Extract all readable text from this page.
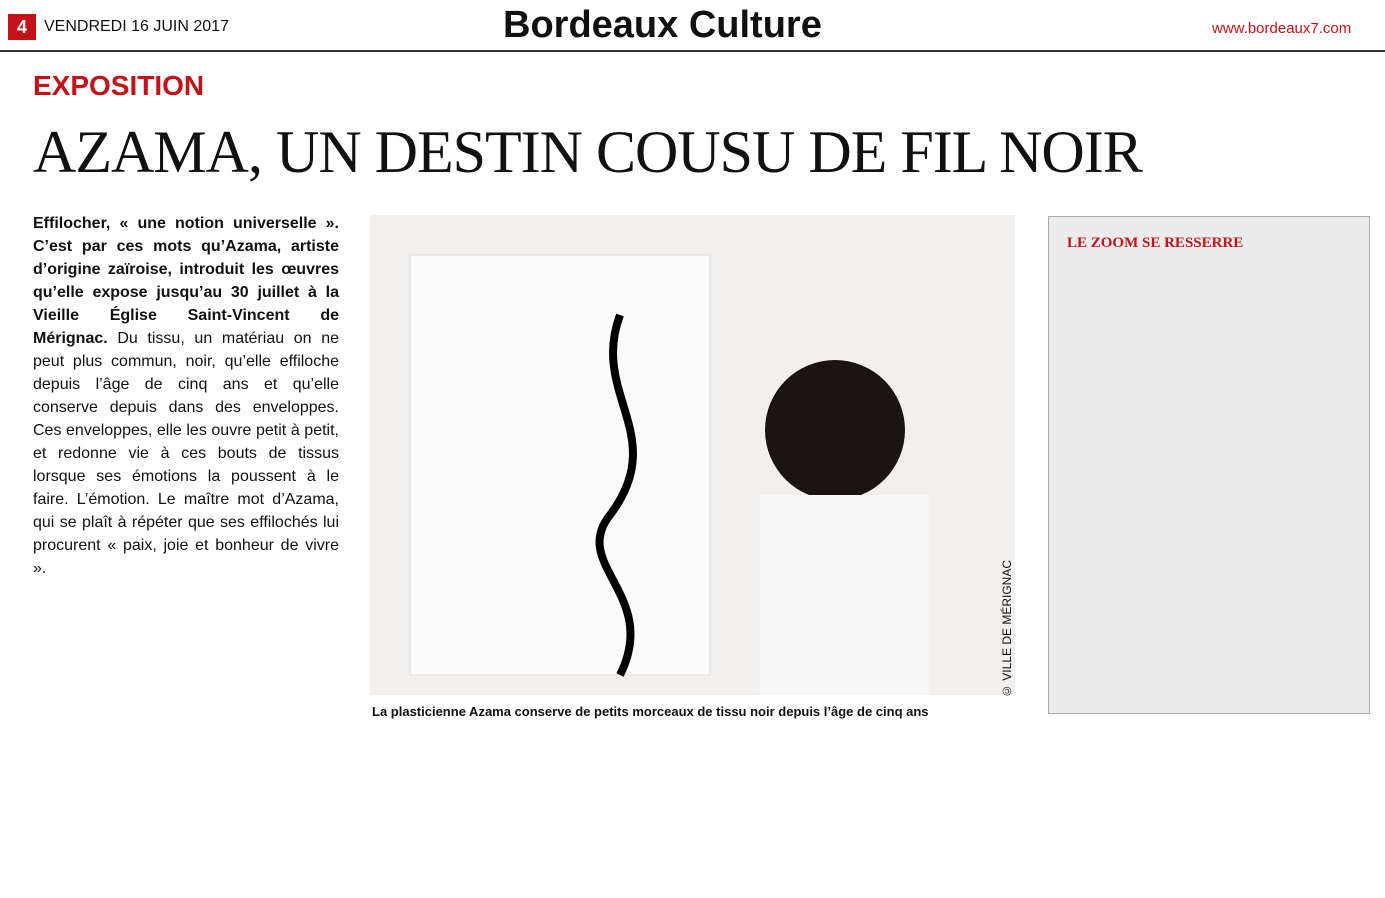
4	VENDREDI 16 JUIN 2017	Bordeaux Culture	www.bordeaux7.com
EXPOSITION
AZAMA, UN DESTIN COUSU DE FIL NOIR
Effilocher, « une notion universelle ». C’est par ces mots qu’Azama, artiste d’origine zaïroise, introduit les œuvres qu’elle expose jusqu’au 30 juillet à la Vieille Église Saint-Vincent de Mérignac. Du tissu, un matériau on ne peut plus commun, noir, qu’elle effiloche depuis l’âge de cinq ans et qu’elle conserve depuis dans des enveloppes. Ces enveloppes, elle les ouvre petit à petit, et redonne vie à ces bouts de tissus lorsque ses émotions la poussent à le faire. L’émotion. Le maître mot d’Azama, qui se plaît à répéter que ses effilochés lui procurent « paix, joie et bonheur de vivre ».	© VILLE DE MÉRIGNAC
La plasticienne Azama conserve de petits morceaux de tissu noir depuis l’âge de cinq ans
LE ZOOM SE RESSERRE
